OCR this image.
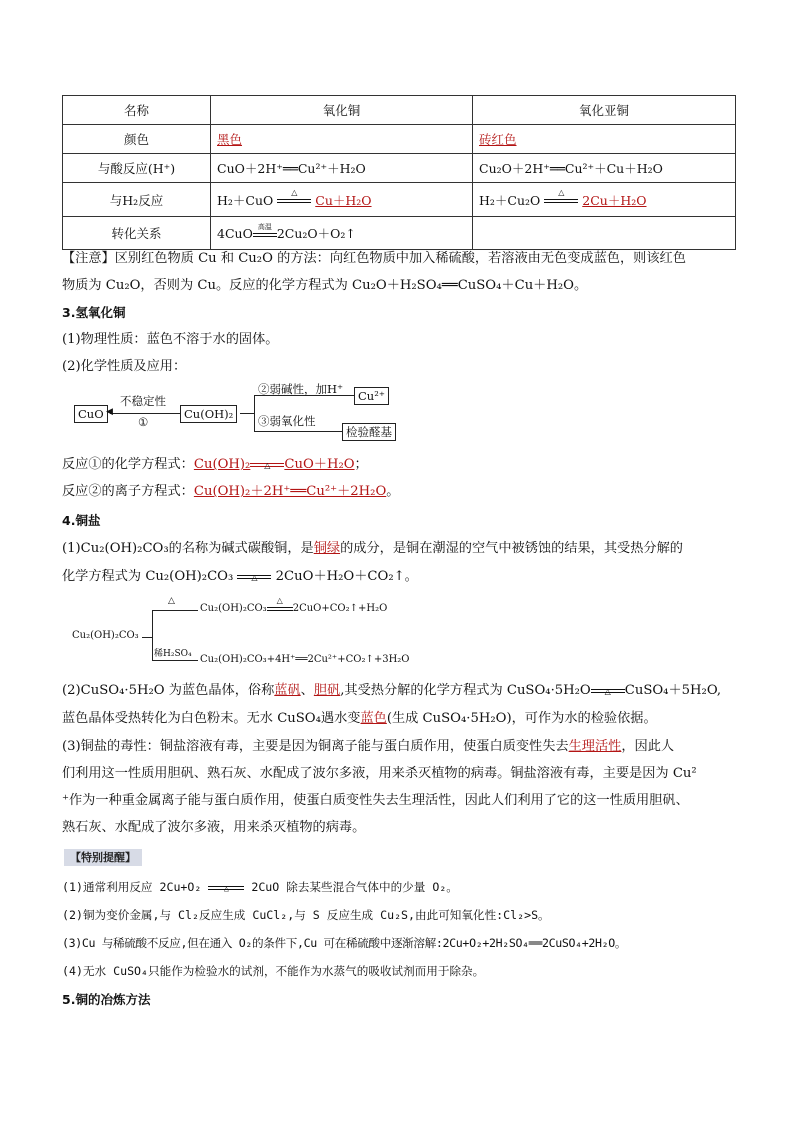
名称	氧化铜	氧化亚铜
颜色	黑色	砖红色
与酸反应(H⁺)	CuO＋2H⁺══Cu²⁺＋H₂O	Cu₂O＋2H⁺══Cu²⁺＋Cu＋H₂O
与H₂反应	H₂＋CuO △ Cu＋H₂O	H₂＋Cu₂O △ 2Cu＋H₂O
转化关系	4CuO 高温 2Cu₂O＋O₂↑	
【注意】区别红色物质 Cu 和 Cu₂O 的方法：向红色物质中加入稀硫酸，若溶液由无色变成蓝色，则该红色
物质为 Cu₂O，否则为 Cu。反应的化学方程式为 Cu₂O＋H₂SO₄══CuSO₄＋Cu＋H₂O。
3.氢氧化铜
(1)物理性质：蓝色不溶于水的固体。
(2)化学性质及应用：
CuO ◀
不稳定性
①
Cu(OH)₂
②弱碱性，加H⁺
③弱氧化性
Cu²⁺
检验醛基
反应①的化学方程式：Cu(OH)₂	△	CuO＋H₂O；
反应②的离子方程式：Cu(OH)₂＋2H⁺══Cu²⁺＋2H₂O。
4.铜盐
(1)Cu₂(OH)₂CO₃的名称为碱式碳酸铜，是铜绿的成分，是铜在潮湿的空气中被锈蚀的结果，其受热分解的
化学方程式为 Cu₂(OH)₂CO₃	△	2CuO＋H₂O＋CO₂↑。
Cu₂(OH)₂CO₃
△
稀H₂SO₄
Cu₂(OH)₂CO₃
△
2CuO+CO₂↑+H₂O
Cu₂(OH)₂CO₃+4H⁺══2Cu²⁺+CO₂↑+3H₂O
(2)CuSO₄·5H₂O 为蓝色晶体，俗称蓝矾、胆矾,其受热分解的化学方程式为 CuSO₄·5H₂O	△	CuSO₄＋5H₂O,
蓝色晶体受热转化为白色粉末。无水 CuSO₄遇水变蓝色(生成 CuSO₄·5H₂O)，可作为水的检验依据。
(3)铜盐的毒性：铜盐溶液有毒，主要是因为铜离子能与蛋白质作用，使蛋白质变性失去生理活性，因此人
们利用这一性质用胆矾、熟石灰、水配成了波尔多液，用来杀灭植物的病毒。铜盐溶液有毒，主要是因为 Cu²
⁺作为一种重金属离子能与蛋白质作用，使蛋白质变性失去生理活性，因此人们利用了它的这一性质用胆矾、
熟石灰、水配成了波尔多液，用来杀灭植物的病毒。
【特别提醒】
(1)通常利用反应 2Cu+O₂	△	2CuO 除去某些混合气体中的少量 O₂。
(2)铜为变价金属,与 Cl₂反应生成 CuCl₂,与 S 反应生成 Cu₂S,由此可知氧化性:Cl₂>S。
(3)Cu 与稀硫酸不反应,但在通入 O₂的条件下,Cu 可在稀硫酸中逐渐溶解:2Cu+O₂+2H₂SO₄══2CuSO₄+2H₂O。
(4)无水 CuSO₄只能作为检验水的试剂，不能作为水蒸气的吸收试剂而用于除杂。
5.铜的冶炼方法
